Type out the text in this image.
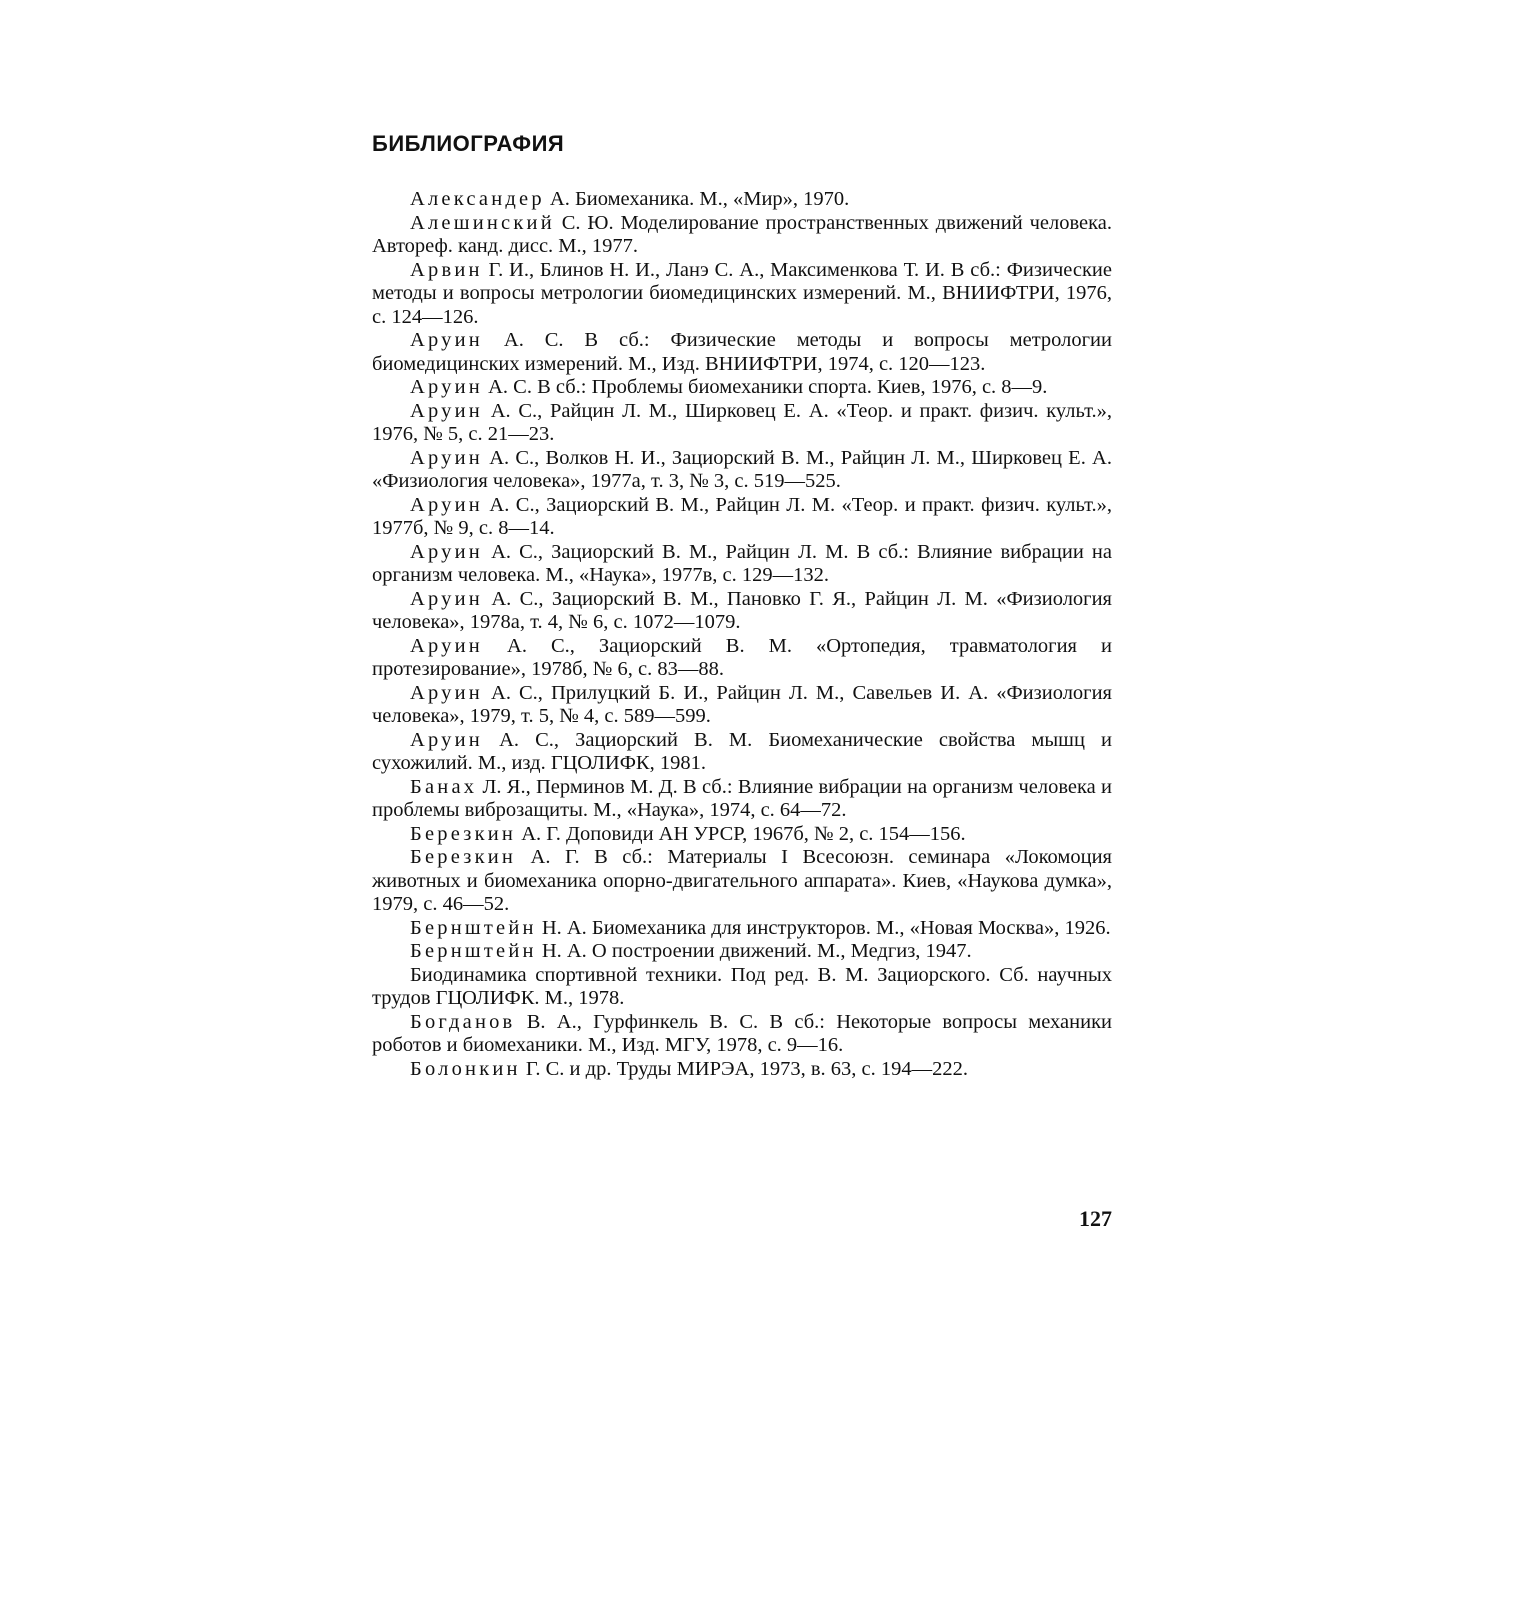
БИБЛИОГРАФИЯ
Александер А. Биомеханика. М., «Мир», 1970.
Алешинский С. Ю. Моделирование пространственных движений человека. Автореф. канд. дисс. М., 1977.
Арвин Г. И., Блинов Н. И., Ланэ С. А., Максименкова Т. И. В сб.: Физические методы и вопросы метрологии биомедицинских измерений. М., ВНИИФТРИ, 1976, с. 124—126.
Аруин А. С. В сб.: Физические методы и вопросы метрологии биомедицинских измерений. М., Изд. ВНИИФТРИ, 1974, с. 120—123.
Аруин А. С. В сб.: Проблемы биомеханики спорта. Киев, 1976, с. 8—9.
Аруин А. С., Райцин Л. М., Ширковец Е. А. «Теор. и практ. физич. культ.», 1976, № 5, с. 21—23.
Аруин А. С., Волков Н. И., Зациорский В. М., Райцин Л. М., Ширковец Е. А. «Физиология человека», 1977а, т. 3, № 3, с. 519—525.
Аруин А. С., Зациорский В. М., Райцин Л. М. «Теор. и практ. физич. культ.», 1977б, № 9, с. 8—14.
Аруин А. С., Зациорский В. М., Райцин Л. М. В сб.: Влияние вибрации на организм человека. М., «Наука», 1977в, с. 129—132.
Аруин А. С., Зациорский В. М., Пановко Г. Я., Райцин Л. М. «Физиология человека», 1978а, т. 4, № 6, с. 1072—1079.
Аруин А. С., Зациорский В. М. «Ортопедия, травматология и протезирование», 1978б, № 6, с. 83—88.
Аруин А. С., Прилуцкий Б. И., Райцин Л. М., Савельев И. А. «Физиология человека», 1979, т. 5, № 4, с. 589—599.
Аруин А. С., Зациорский В. М. Биомеханические свойства мышц и сухожилий. М., изд. ГЦОЛИФК, 1981.
Банах Л. Я., Перминов М. Д. В сб.: Влияние вибрации на организм человека и проблемы виброзащиты. М., «Наука», 1974, с. 64—72.
Березкин А. Г. Доповиди АН УРСР, 1967б, № 2, с. 154—156.
Березкин А. Г. В сб.: Материалы I Всесоюзн. семинара «Локомоция животных и биомеханика опорно-двигательного аппарата». Киев, «Наукова думка», 1979, с. 46—52.
Бернштейн Н. А. Биомеханика для инструкторов. М., «Новая Москва», 1926.
Бернштейн Н. А. О построении движений. М., Медгиз, 1947.
Биодинамика спортивной техники. Под ред. В. М. Зациорского. Сб. научных трудов ГЦОЛИФК. М., 1978.
Богданов В. А., Гурфинкель В. С. В сб.: Некоторые вопросы механики роботов и биомеханики. М., Изд. МГУ, 1978, с. 9—16.
Болонкин Г. С. и др. Труды МИРЭА, 1973, в. 63, с. 194—222.
127
